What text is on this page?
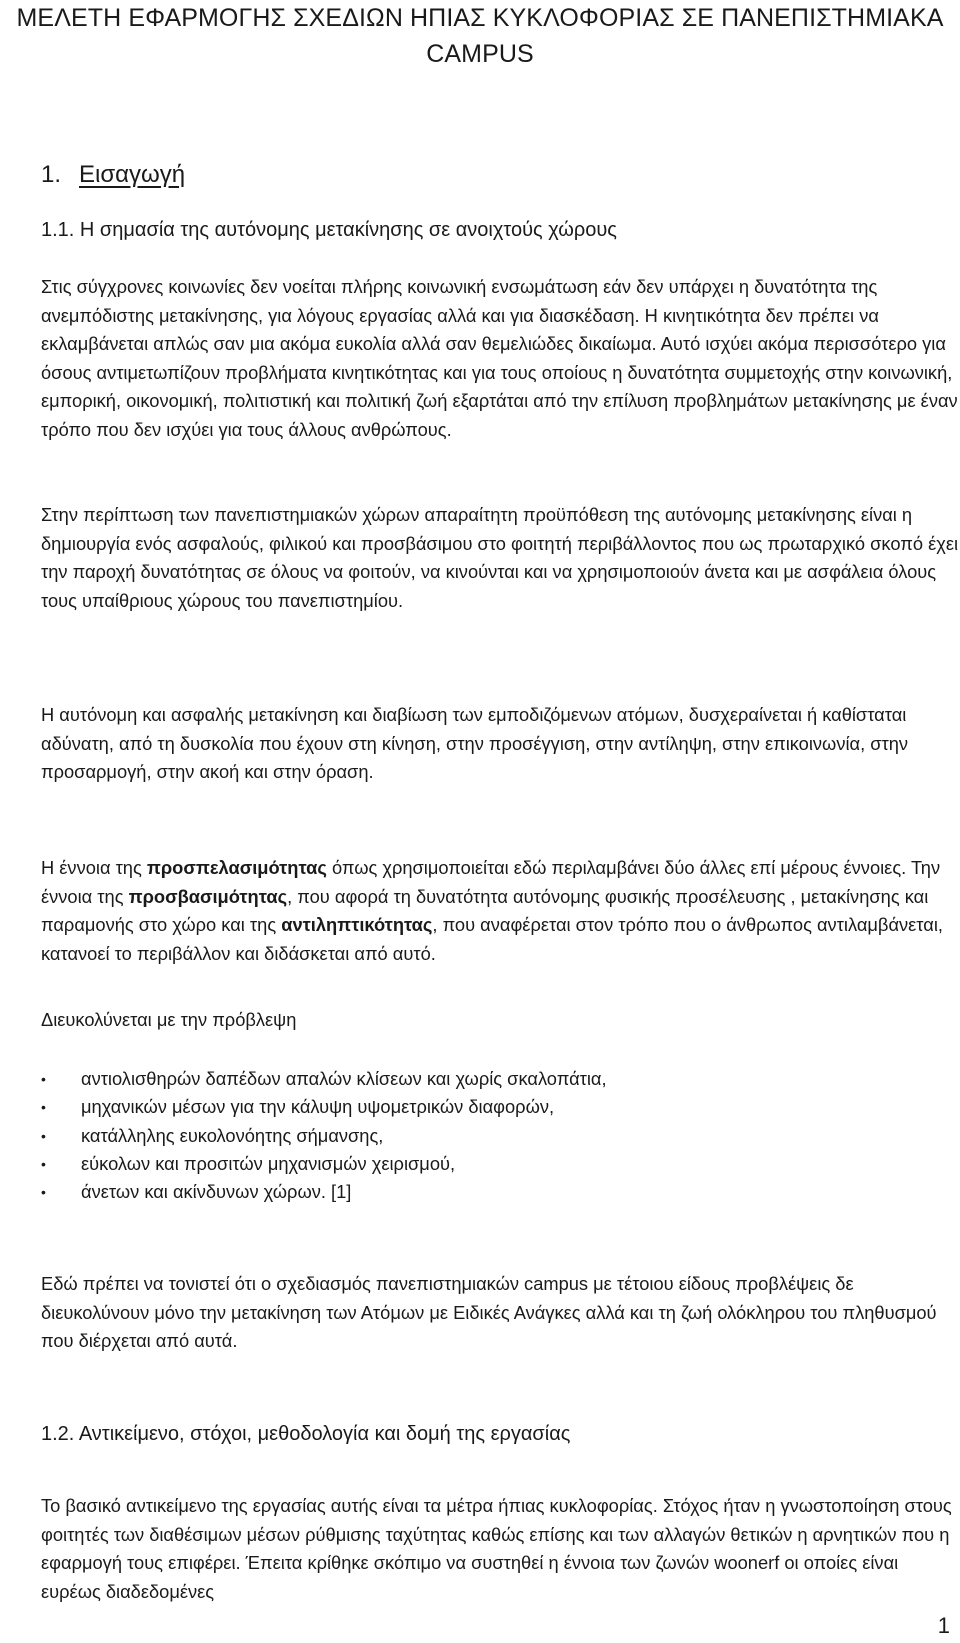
ΜΕΛΕΤΗ ΕΦΑΡΜΟΓΗΣ ΣΧΕΔΙΩΝ ΗΠΙΑΣ ΚΥΚΛΟΦΟΡΙΑΣ ΣΕ ΠΑΝΕΠΙΣΤΗΜΙΑΚΑ CAMPUS
1. Εισαγωγή
1.1. Η σημασία της αυτόνομης μετακίνησης σε ανοιχτούς χώρους

Στις σύγχρονες κοινωνίες δεν νοείται πλήρης κοινωνική ενσωμάτωση εάν δεν υπάρχει η δυνατότητα της ανεμπόδιστης μετακίνησης, για λόγους εργασίας αλλά και για διασκέδαση. Η κινητικότητα δεν πρέπει να εκλαμβάνεται απλώς σαν μια ακόμα ευκολία αλλά σαν θεμελιώδες δικαίωμα. Αυτό ισχύει ακόμα περισσότερο για όσους αντιμετωπίζουν προβλήματα κινητικότητας και για τους οποίους η δυνατότητα συμμετοχής στην κοινωνική, εμπορική, οικονομική, πολιτιστική και πολιτική ζωή εξαρτάται από την επίλυση προβλημάτων μετακίνησης με έναν τρόπο που δεν ισχύει για τους άλλους ανθρώπους.

Στην περίπτωση των πανεπιστημιακών χώρων απαραίτητη προϋπόθεση της αυτόνομης μετακίνησης είναι η δημιουργία ενός ασφαλούς, φιλικού και προσβάσιμου στο φοιτητή περιβάλλοντος που ως πρωταρχικό σκοπό έχει την παροχή δυνατότητας σε όλους να φοιτούν, να κινούνται και να χρησιμοποιούν άνετα και με ασφάλεια όλους τους υπαίθριους χώρους του πανεπιστημίου.

Η αυτόνομη και ασφαλής μετακίνηση και διαβίωση των εμποδιζόμενων ατόμων, δυσχεραίνεται ή καθίσταται αδύνατη, από τη δυσκολία που έχουν στη κίνηση, στην προσέγγιση, στην αντίληψη, στην επικοινωνία, στην προσαρμογή, στην ακοή και στην όραση.

Η έννοια της προσπελασιμότητας όπως χρησιμοποιείται εδώ περιλαμβάνει δύο άλλες επί μέρους έννοιες. Την έννοια της προσβασιμότητας, που αφορά τη δυνατότητα αυτόνομης φυσικής προσέλευσης , μετακίνησης και παραμονής στο χώρο και της αντιληπτικότητας, που αναφέρεται στον τρόπο που ο άνθρωπος αντιλαμβάνεται, κατανοεί το περιβάλλον και διδάσκεται από αυτό.

Διευκολύνεται με την πρόβλεψη

• αντιολισθηρών δαπέδων απαλών κλίσεων και χωρίς σκαλοπάτια,
• μηχανικών μέσων για την κάλυψη υψομετρικών διαφορών,
• κατάλληλης ευκολονόητης σήμανσης,
• εύκολων και προσιτών μηχανισμών χειρισμού,
• άνετων και ακίνδυνων χώρων. [1]

Εδώ πρέπει να τονιστεί ότι ο σχεδιασμός πανεπιστημιακών campus με τέτοιου είδους προβλέψεις δε διευκολύνουν μόνο την μετακίνηση των Ατόμων με Ειδικές Ανάγκες αλλά και τη ζωή ολόκληρου του πληθυσμού που διέρχεται από αυτά.

1.2. Αντικείμενο, στόχοι, μεθοδολογία και δομή της εργασίας

Το βασικό αντικείμενο της εργασίας αυτής είναι τα μέτρα ήπιας κυκλοφορίας. Στόχος ήταν η γνωστοποίηση στους φοιτητές των διαθέσιμων μέσων ρύθμισης ταχύτητας καθώς επίσης και των αλλαγών θετικών η αρνητικών που η εφαρμογή τους επιφέρει. Έπειτα κρίθηκε σκόπιμο να συστηθεί η έννοια των ζωνών woonerf οι οποίες είναι ευρέως διαδεδομένες

1
